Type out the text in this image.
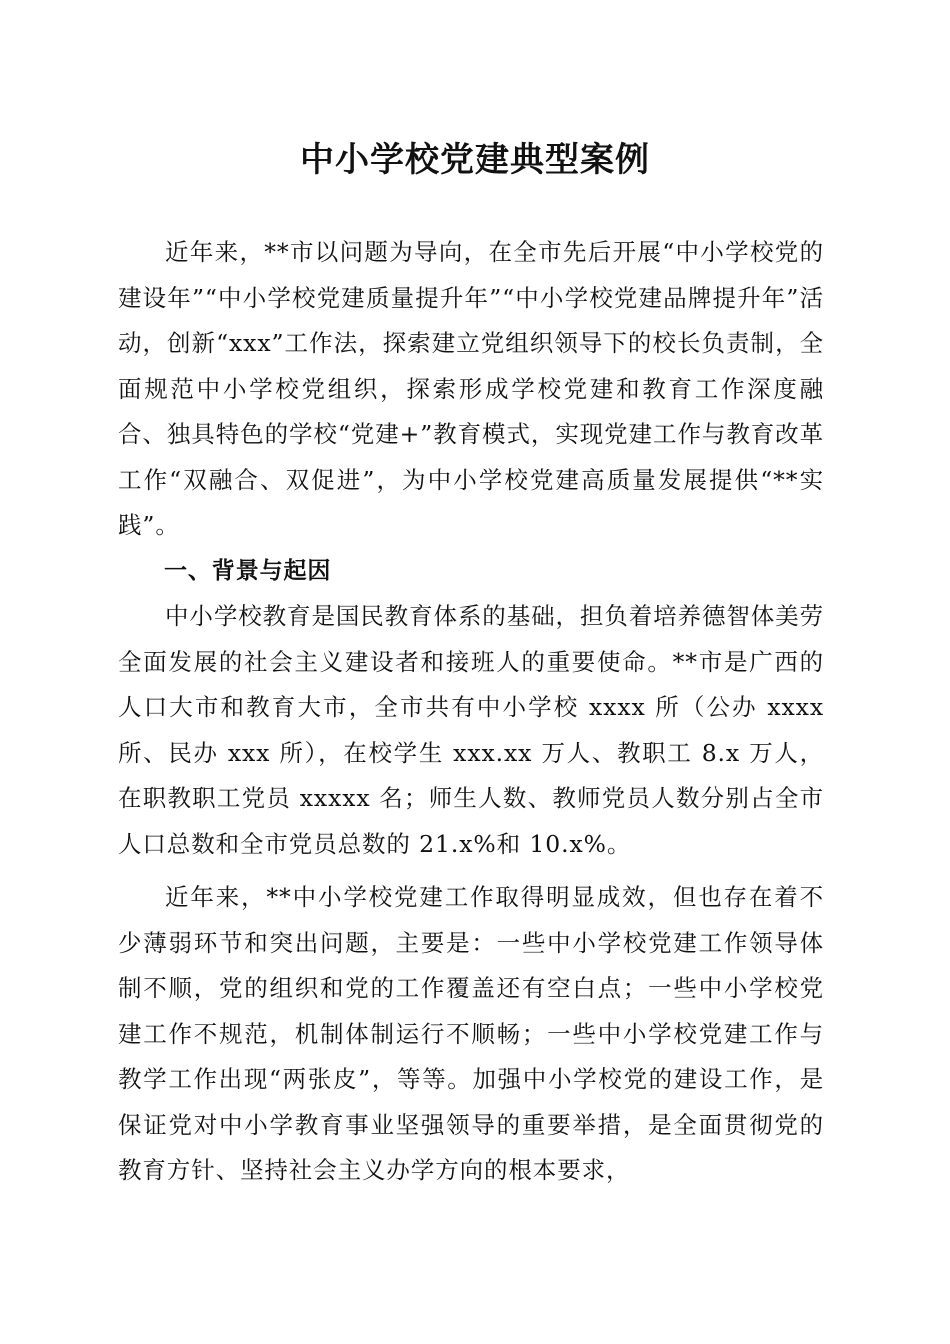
中小学校党建典型案例

近年来，**市以问题为导向，在全市先后开展“中小学校党的建设年”“中小学校党建质量提升年”“中小学校党建品牌提升年”活动，创新“xxx”工作法，探索建立党组织领导下的校长负责制，全面规范中小学校党组织，探索形成学校党建和教育工作深度融合、独具特色的学校“党建+”教育模式，实现党建工作与教育改革工作“双融合、双促进”，为中小学校党建高质量发展提供“**实践”。

一、背景与起因

中小学校教育是国民教育体系的基础，担负着培养德智体美劳全面发展的社会主义建设者和接班人的重要使命。**市是广西的人口大市和教育大市，全市共有中小学校 xxxx 所（公办 xxxx 所、民办 xxx 所），在校学生 xxx.xx 万人、教职工 8.x 万人，在职教职工党员 xxxxx 名；师生人数、教师党员人数分别占全市人口总数和全市党员总数的 21.x%和 10.x%。

近年来，**中小学校党建工作取得明显成效，但也存在着不少薄弱环节和突出问题，主要是：一些中小学校党建工作领导体制不顺，党的组织和党的工作覆盖还有空白点；一些中小学校党建工作不规范，机制体制运行不顺畅；一些中小学校党建工作与教学工作出现“两张皮”，等等。加强中小学校党的建设工作，是保证党对中小学教育事业坚强领导的重要举措，是全面贯彻党的教育方针、坚持社会主义办学方向的根本要求，
